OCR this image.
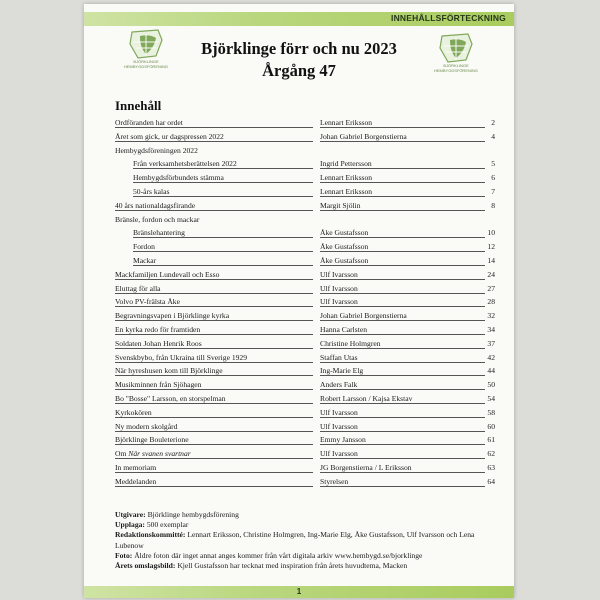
INNEHÅLLSFÖRTECKNING
BJÖRKLINGE
HEMBYGDSFÖRENING	BJÖRKLINGE
HEMBYGDSFÖRENING
Björklinge förr och nu 2023
Årgång 47
Innehåll
Ordföranden har ordet	Lennart Eriksson	2
Året som gick, ur dagspressen 2022	Johan Gabriel Borgenstierna	4
Hembygdsföreningen 2022
Från verksamhetsberättelsen 2022	Ingrid Pettersson	5
Hembygdsförbundets stämma	Lennart Eriksson	6
50-års kalas	Lennart Eriksson	7
40 års nationaldagsfirande	Margit Sjölin	8
Bränsle, fordon och mackar
Bränslehantering	Åke Gustafsson	10
Fordon	Åke Gustafsson	12
Mackar	Åke Gustafsson	14
Mackfamiljen Lundevall och Esso	Ulf Ivarsson	24
Eluttag för alla	Ulf Ivarsson	27
Volvo PV-frälsta Åke	Ulf Ivarsson	28
Begravningsvapen i Björklinge kyrka	Johan Gabriel Borgenstierna	32
En kyrka redo för framtiden	Hanna Carlsten	34
Soldaten Johan Henrik Roos	Christine Holmgren	37
Svenskbybo, från Ukraina till Sverige 1929	Staffan Utas	42
När hyreshusen kom till Björklinge	Ing-Marie Elg	44
Musikminnen från Sjöhagen	Anders Falk	50
Bo "Bosse" Larsson, en storspelman	Robert Larsson / Kajsa Ekstav	54
Kyrkokören	Ulf Ivarsson	58
Ny modern skolgård	Ulf Ivarsson	60
Björklinge Bouleterione	Emmy Jansson	61
Om När svanen svartnar	Ulf Ivarsson	62
In memoriam	JG Borgenstierna / L Eriksson	63
Meddelanden	Styrelsen	64
Utgivare: Björklinge hembygdsförening
Upplaga: 500 exemplar
Redaktionskommitté: Lennart Eriksson, Christine Holmgren, Ing-Marie Elg, Åke Gustafsson, Ulf Ivarsson och Lena Lubenow
Foto: Äldre foton där inget annat anges kommer från vårt digitala arkiv www.hembygd.se/bjorklinge
Årets omslagsbild: Kjell Gustafsson har tecknat med inspiration från årets huvudtema, Macken
1
